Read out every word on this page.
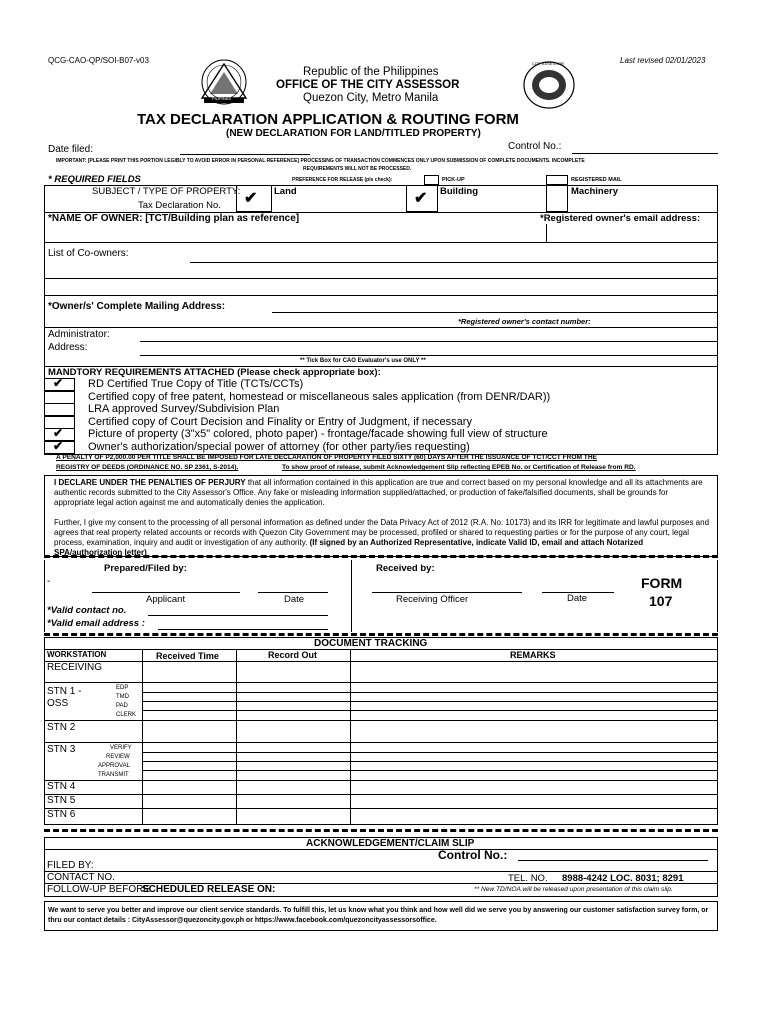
QCG-CAO-QP/SOI-B07-v03	Last revised 02/01/2023
PILIPINAS
Republic of the Philippines
OFFICE OF THE CITY ASSESSOR
Quezon City, Metro Manila
CITY ASSESSOR
TAX DECLARATION APPLICATION & ROUTING FORM
(NEW DECLARATION FOR LAND/TITLED PROPERTY)
Control No.:
Date filed:
IMPORTANT: [PLEASE PRINT THIS PORTION LEGIBLY TO AVOID ERROR IN PERSONAL REFERENCE] PROCESSING OF TRANSACTION COMMENCES ONLY UPON SUBMISSION OF COMPLETE DOCUMENTS. INCOMPLETE
REQUIREMENTS WILL NOT BE PROCESSED.
* REQUIRED FIELDS	PREFERENCE FOR RELEASE (pls check):	PICK-UP	REGISTERED MAIL
SUBJECT / TYPE OF PROPERTY:
Tax Declaration No. ✔ Land	✔ Building	Machinery
*NAME OF OWNER: [TCT/Building plan as reference]	*Registered owner's email address:
List of Co-owners:
*Owner/s' Complete Mailing Address:
*Registered owner's contact number:
Administrator:
Address:
** Tick Box for CAO Evaluator's use ONLY **
MANDTORY REQUIREMENTS ATTACHED (Please check appropriate box):
✔ RD Certified True Copy of Title (TCTs/CCTs)
Certified copy of free patent, homestead or miscellaneous sales application (from DENR/DAR))
LRA approved Survey/Subdivision Plan
Certified copy of Court Decision and Finality or Entry of Judgment, if necessary
✔ Picture of property (3"x5" colored, photo paper) - frontage/facade showing full view of structure
✔ Owner's authorization/special power of attorney (for other party/ies requesting)
A PENALTY OF P2,000.00 PER TITLE SHALL BE IMPOSED FOR LATE DECLARATION OF PROPERTY FILED SIXTY (60) DAYS AFTER THE ISSUANCE OF TCT/CCT FROM THE
REGISTRY OF DEEDS (ORDINANCE NO. SP 2361, S-2014).	To show proof of release, submit Acknowledgement Slip reflecting EPEB No. or Certification of Release from RD.
I DECLARE UNDER THE PENALTIES OF PERJURY that all information contained in this application are true and correct based on my personal knowledge and all its attachments are authentic records submitted to the City Assessor's Office. Any fake or misleading information supplied/attached, or production of fake/falsified documents, shall be grounds for appropriate legal action against me and automatically denies the application.
Further, I give my consent to the processing of all personal information as defined under the Data Privacy Act of 2012 (R.A. No. 10173) and its IRR for legitimate and lawful purposes and agrees that real property related accounts or records with Quezon City Government may be processed, profiled or shared to requesting parties or for the purpose of any court, legal process, examination, inquiry and audit or investigation of any authority. (If signed by an Authorized Representative, indicate Valid ID, email and attach Notarized SPA/authorization letter)
Prepared/Filed by:	Received by:
-
Applicant	Date	Receiving Officer	Date
*Valid contact no.
*Valid email address :
FORM
107
DOCUMENT TRACKING
WORKSTATION	Received Time	Record Out	REMARKS
RECEIVING
STN 1 -
OSS
EDP
TMD
PAD
CLERK
STN 2
STN 3	VERIFY
REVIEW
APPROVAL
TRANSMIT
STN 4
STN 5
STN 6
ACKNOWLEDGEMENT/CLAIM SLIP
Control No.:
FILED BY:
CONTACT NO.	TEL. NO. 8988-4242 LOC. 8031; 8291
FOLLOW-UP BEFORE
SCHEDULED RELEASE ON:	** New TD/NOA will be released upon presentation of this claim slip.
We want to serve you better and improve our client service standards. To fulfill this, let us know what you think and how well did we serve you by answering our customer satisfaction survey form, or thru our contact details : CityAssessor@quezoncity.gov.ph or https://www.facebook.com/quezoncityassessorsoffice.
